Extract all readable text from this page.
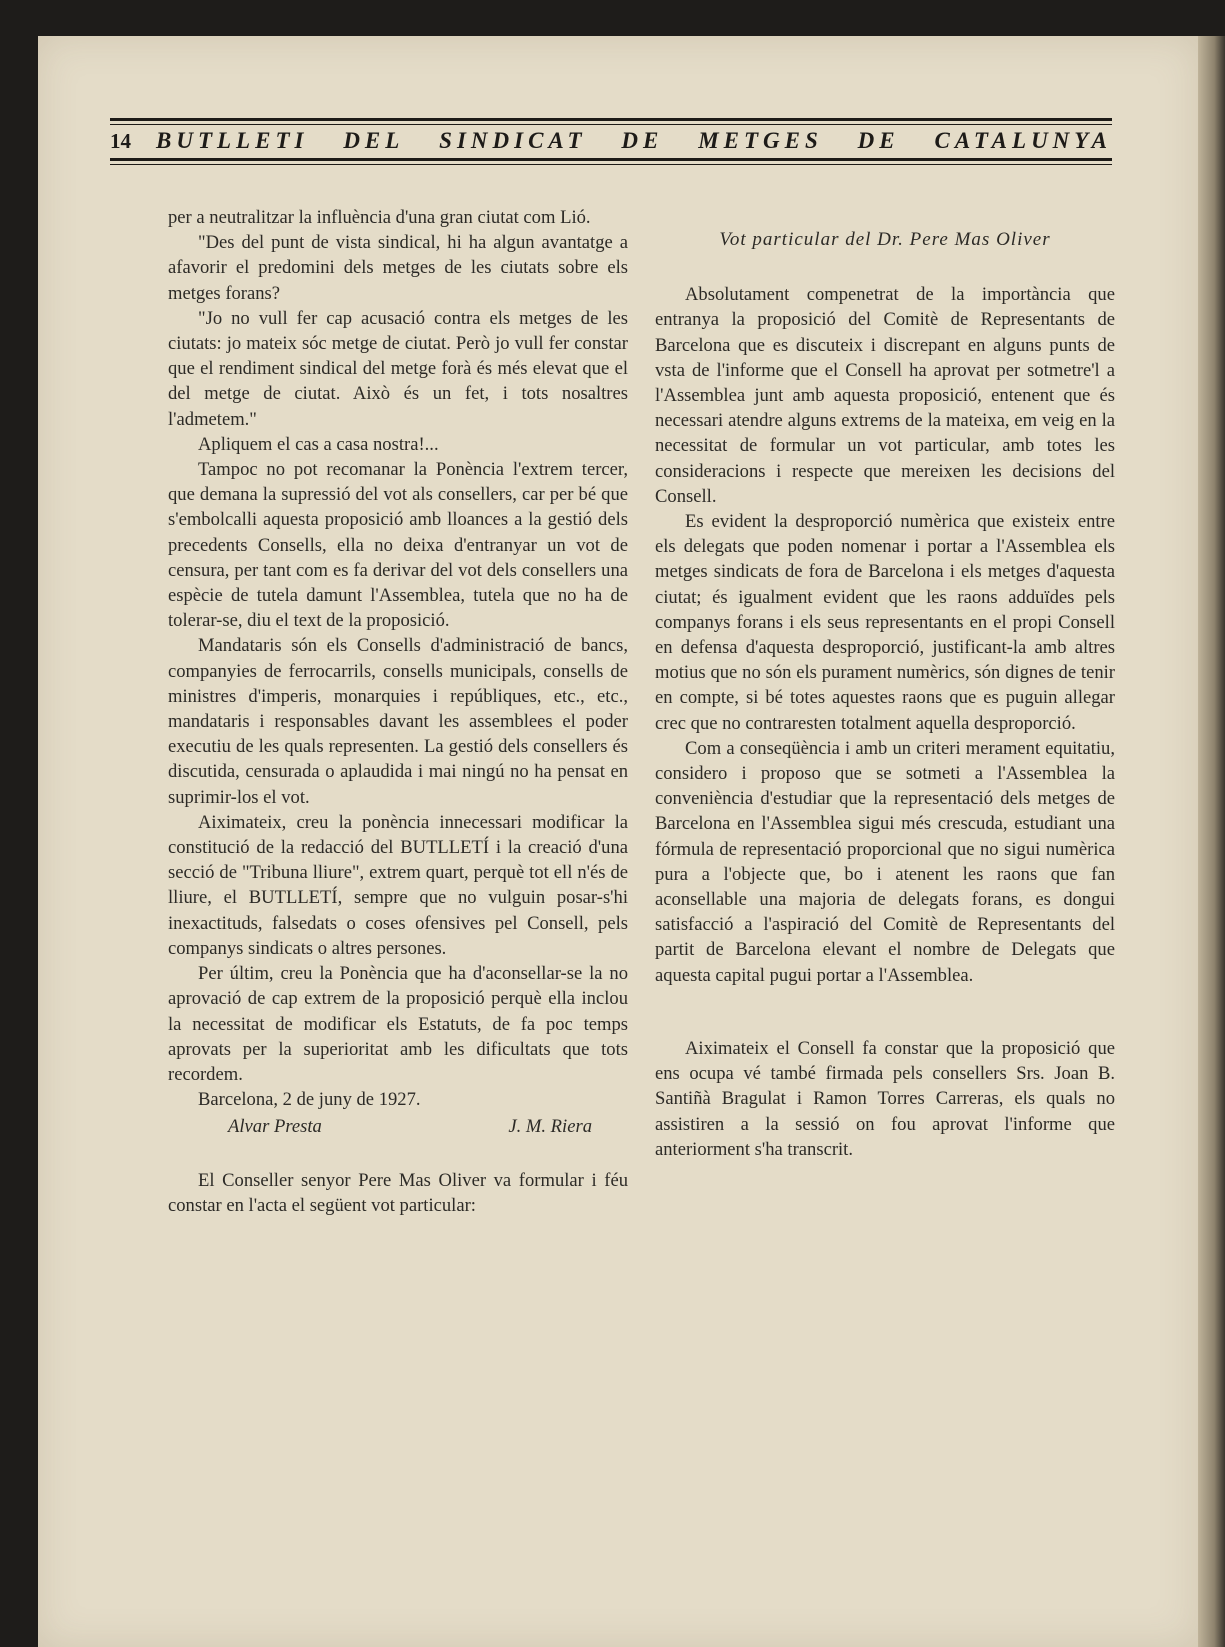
14	BUTLLETI DEL SINDICAT DE METGES DE CATALUNYA

per a neutralitzar la influència d'una gran ciutat com Lió.

"Des del punt de vista sindical, hi ha algun avantatge a afavorir el predomini dels metges de les ciutats sobre els metges forans?

"Jo no vull fer cap acusació contra els metges de les ciutats: jo mateix sóc metge de ciutat. Però jo vull fer constar que el rendiment sindical del metge forà és més elevat que el del metge de ciutat. Això és un fet, i tots nosaltres l'admetem."

Apliquem el cas a casa nostra!...

Tampoc no pot recomanar la Ponència l'extrem tercer, que demana la supressió del vot als consellers, car per bé que s'embolcalli aquesta proposició amb lloances a la gestió dels precedents Consells, ella no deixa d'entranyar un vot de censura, per tant com es fa derivar del vot dels consellers una espècie de tutela damunt l'Assemblea, tutela que no ha de tolerar-se, diu el text de la proposició.

Mandataris són els Consells d'administració de bancs, companyies de ferrocarrils, consells municipals, consells de ministres d'imperis, monarquies i repúbliques, etc., etc., mandataris i responsables davant les assemblees el poder executiu de les quals representen. La gestió dels consellers és discutida, censurada o aplaudida i mai ningú no ha pensat en suprimir-los el vot.

Aiximateix, creu la ponència innecessari modificar la constitució de la redacció del BUTLLETÍ i la creació d'una secció de "Tribuna lliure", extrem quart, perquè tot ell n'és de lliure, el BUTLLETÍ, sempre que no vulguin posar-s'hi inexactituds, falsedats o coses ofensives pel Consell, pels companys sindicats o altres persones.

Per últim, creu la Ponència que ha d'aconsellar-se la no aprovació de cap extrem de la proposició perquè ella inclou la necessitat de modificar els Estatuts, de fa poc temps aprovats per la superioritat amb les dificultats que tots recordem.

Barcelona, 2 de juny de 1927.

Alvar Presta	J. M. Riera

El Conseller senyor Pere Mas Oliver va formular i féu constar en l'acta el següent vot particular:

Vot particular del Dr. Pere Mas Oliver

Absolutament compenetrat de la importància que entranya la proposició del Comitè de Representants de Barcelona que es discuteix i discrepant en alguns punts de vsta de l'informe que el Consell ha aprovat per sotmetre'l a l'Assemblea junt amb aquesta proposició, entenent que és necessari atendre alguns extrems de la mateixa, em veig en la necessitat de formular un vot particular, amb totes les consideracions i respecte que mereixen les decisions del Consell.

Es evident la desproporció numèrica que existeix entre els delegats que poden nomenar i portar a l'Assemblea els metges sindicats de fora de Barcelona i els metges d'aquesta ciutat; és igualment evident que les raons adduïdes pels companys forans i els seus representants en el propi Consell en defensa d'aquesta desproporció, justificant-la amb altres motius que no són els purament numèrics, són dignes de tenir en compte, si bé totes aquestes raons que es puguin allegar crec que no contraresten totalment aquella desproporció.

Com a conseqüència i amb un criteri merament equitatiu, considero i proposo que se sotmeti a l'Assemblea la conveniència d'estudiar que la representació dels metges de Barcelona en l'Assemblea sigui més crescuda, estudiant una fórmula de representació proporcional que no sigui numèrica pura a l'objecte que, bo i atenent les raons que fan aconsellable una majoria de delegats forans, es dongui satisfacció a l'aspiració del Comitè de Representants del partit de Barcelona elevant el nombre de Delegats que aquesta capital pugui portar a l'Assemblea.

Aiximateix el Consell fa constar que la proposició que ens ocupa vé també firmada pels consellers Srs. Joan B. Santiñà Bragulat i Ramon Torres Carreras, els quals no assistiren a la sessió on fou aprovat l'informe que anteriorment s'ha transcrit.
